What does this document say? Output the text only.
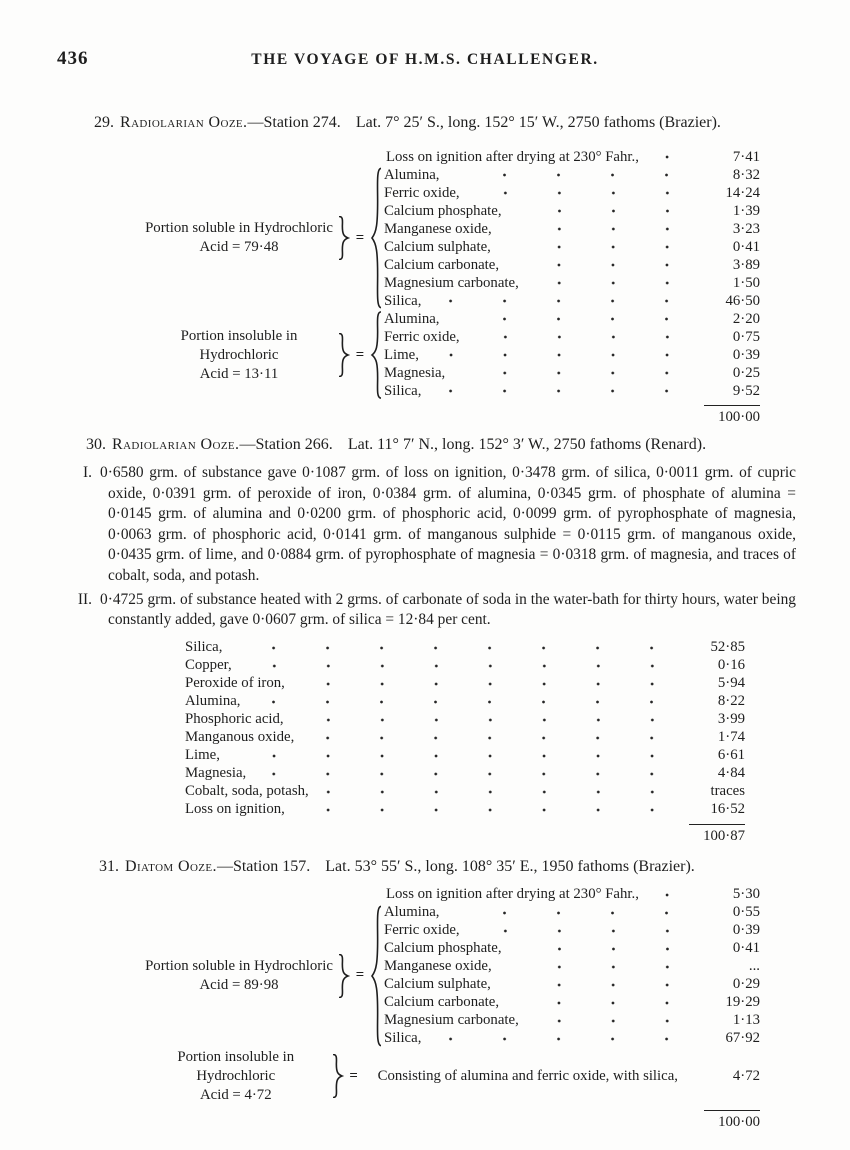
436	THE VOYAGE OF H.M.S. CHALLENGER.
29. Radiolarian Ooze.—Station 274. Lat. 7° 25′ S., long. 152° 15′ W., 2750 fathoms (Brazier).
Loss on ignition after drying at 230° Fahr.,	7·41
Portion soluble in Hydrochloric
Acid = 79·48
=
Alumina,	8·32
Ferric oxide,	14·24
Calcium phosphate,	1·39
Manganese oxide,	3·23
Calcium sulphate,	0·41
Calcium carbonate,	3·89
Magnesium carbonate,	1·50
Silica,	46·50
Portion insoluble in Hydrochloric
Acid = 13·11
=
Alumina,	2·20
Ferric oxide,	0·75
Lime,	0·39
Magnesia,	0·25
Silica,	9·52
100·00
30. Radiolarian Ooze.—Station 266. Lat. 11° 7′ N., long. 152° 3′ W., 2750 fathoms (Renard).

I. 0·6580 grm. of substance gave 0·1087 grm. of loss on ignition, 0·3478 grm. of silica, 0·0011 grm. of cupric oxide, 0·0391 grm. of peroxide of iron, 0·0384 grm. of alumina, 0·0345 grm. of phosphate of alumina = 0·0145 grm. of alumina and 0·0200 grm. of phosphoric acid, 0·0099 grm. of pyrophosphate of magnesia, 0·0063 grm. of phosphoric acid, 0·0141 grm. of manganous sulphide = 0·0115 grm. of manganous oxide, 0·0435 grm. of lime, and 0·0884 grm. of pyrophosphate of magnesia = 0·0318 grm. of magnesia, and traces of cobalt, soda, and potash.

II. 0·4725 grm. of substance heated with 2 grms. of carbonate of soda in the water-bath for thirty hours, water being constantly added, gave 0·0607 grm. of silica = 12·84 per cent.

Silica,	52·85
Copper,	0·16
Peroxide of iron,	5·94
Alumina,	8·22
Phosphoric acid,	3·99
Manganous oxide,	1·74
Lime,	6·61
Magnesia,	4·84
Cobalt, soda, potash,	traces
Loss on ignition,	16·52
100·87
31. Diatom Ooze.—Station 157. Lat. 53° 55′ S., long. 108° 35′ E., 1950 fathoms (Brazier).
Loss on ignition after drying at 230° Fahr.,	5·30
Portion soluble in Hydrochloric
Acid = 89·98
=
Alumina,	0·55
Ferric oxide,	0·39
Calcium phosphate,	0·41
Manganese oxide,	...
Calcium sulphate,	0·29
Calcium carbonate,	19·29
Magnesium carbonate,	1·13
Silica,	67·92
Portion insoluble in Hydrochloric
Acid = 4·72
=	Consisting of alumina and ferric oxide, with silica,	4·72
100·00
